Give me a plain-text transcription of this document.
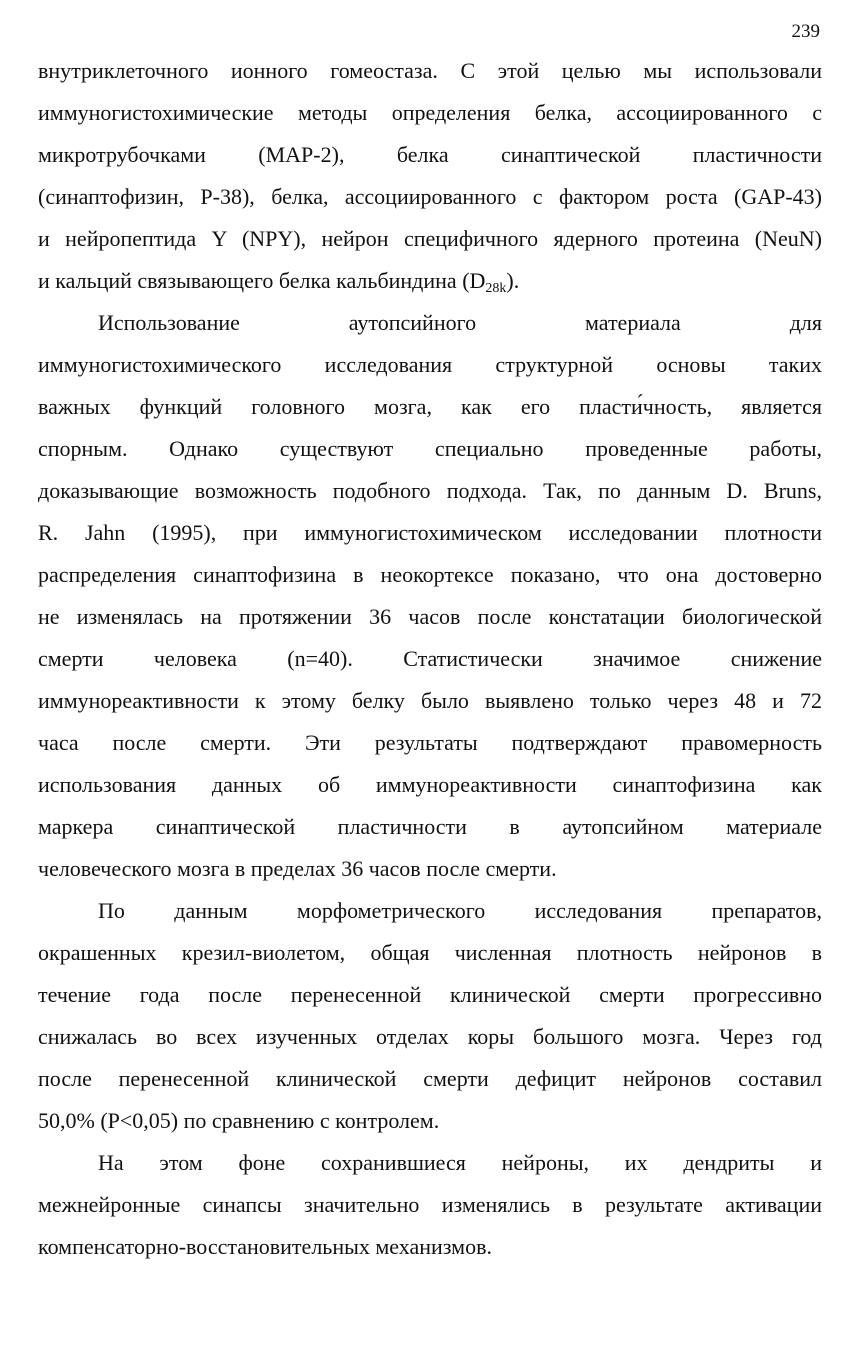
239
внутриклеточного ионного гомеостаза. С этой целью мы использовали
иммуногистохимические методы определения белка, ассоциированного с
микротрубочками (МАР-2), белка синаптической пластичности
(синаптофизин, Р-38), белка, ассоциированного с фактором роста (GAP-43)
и нейропептида Y (NPY), нейрон специфичного ядерного протеина (NeuN)
и кальций связывающего белка кальбиндина $(D_{28k})$.
Использование аутопсийного материала для
иммуногистохимического исследования структурной основы таких
важных функций головного мозга, как его пласти́чность, является
спорным. Однако существуют специально проведенные работы,
доказывающие возможность подобного подхода. Так, по данным D. Bruns,
R. Jahn (1995), при иммуногистохимическом исследовании плотности
распределения синаптофизина в неокортексе показано, что она достоверно
не изменялась на протяжении 36 часов после констатации биологической
смерти человека (n=40). Статистически значимое снижение
иммунореактивности к этому белку было выявлено только через 48 и 72
часа после смерти. Эти результаты подтверждают правомерность
использования данных об иммунореактивности синаптофизина как
маркера синаптической пластичности в аутопсийном материале
человеческого мозга в пределах 36 часов после смерти.
По данным морфометрического исследования препаратов,
окрашенных крезил-виолетом, общая численная плотность нейронов в
течение года после перенесенной клинической смерти прогрессивно
снижалась во всех изученных отделах коры большого мозга. Через год
после перенесенной клинической смерти дефицит нейронов составил
50,0% (Р<0,05) по сравнению с контролем.
На этом фоне сохранившиеся нейроны, их дендриты и
межнейронные синапсы значительно изменялись в результате активации
компенсаторно-восстановительных механизмов.
